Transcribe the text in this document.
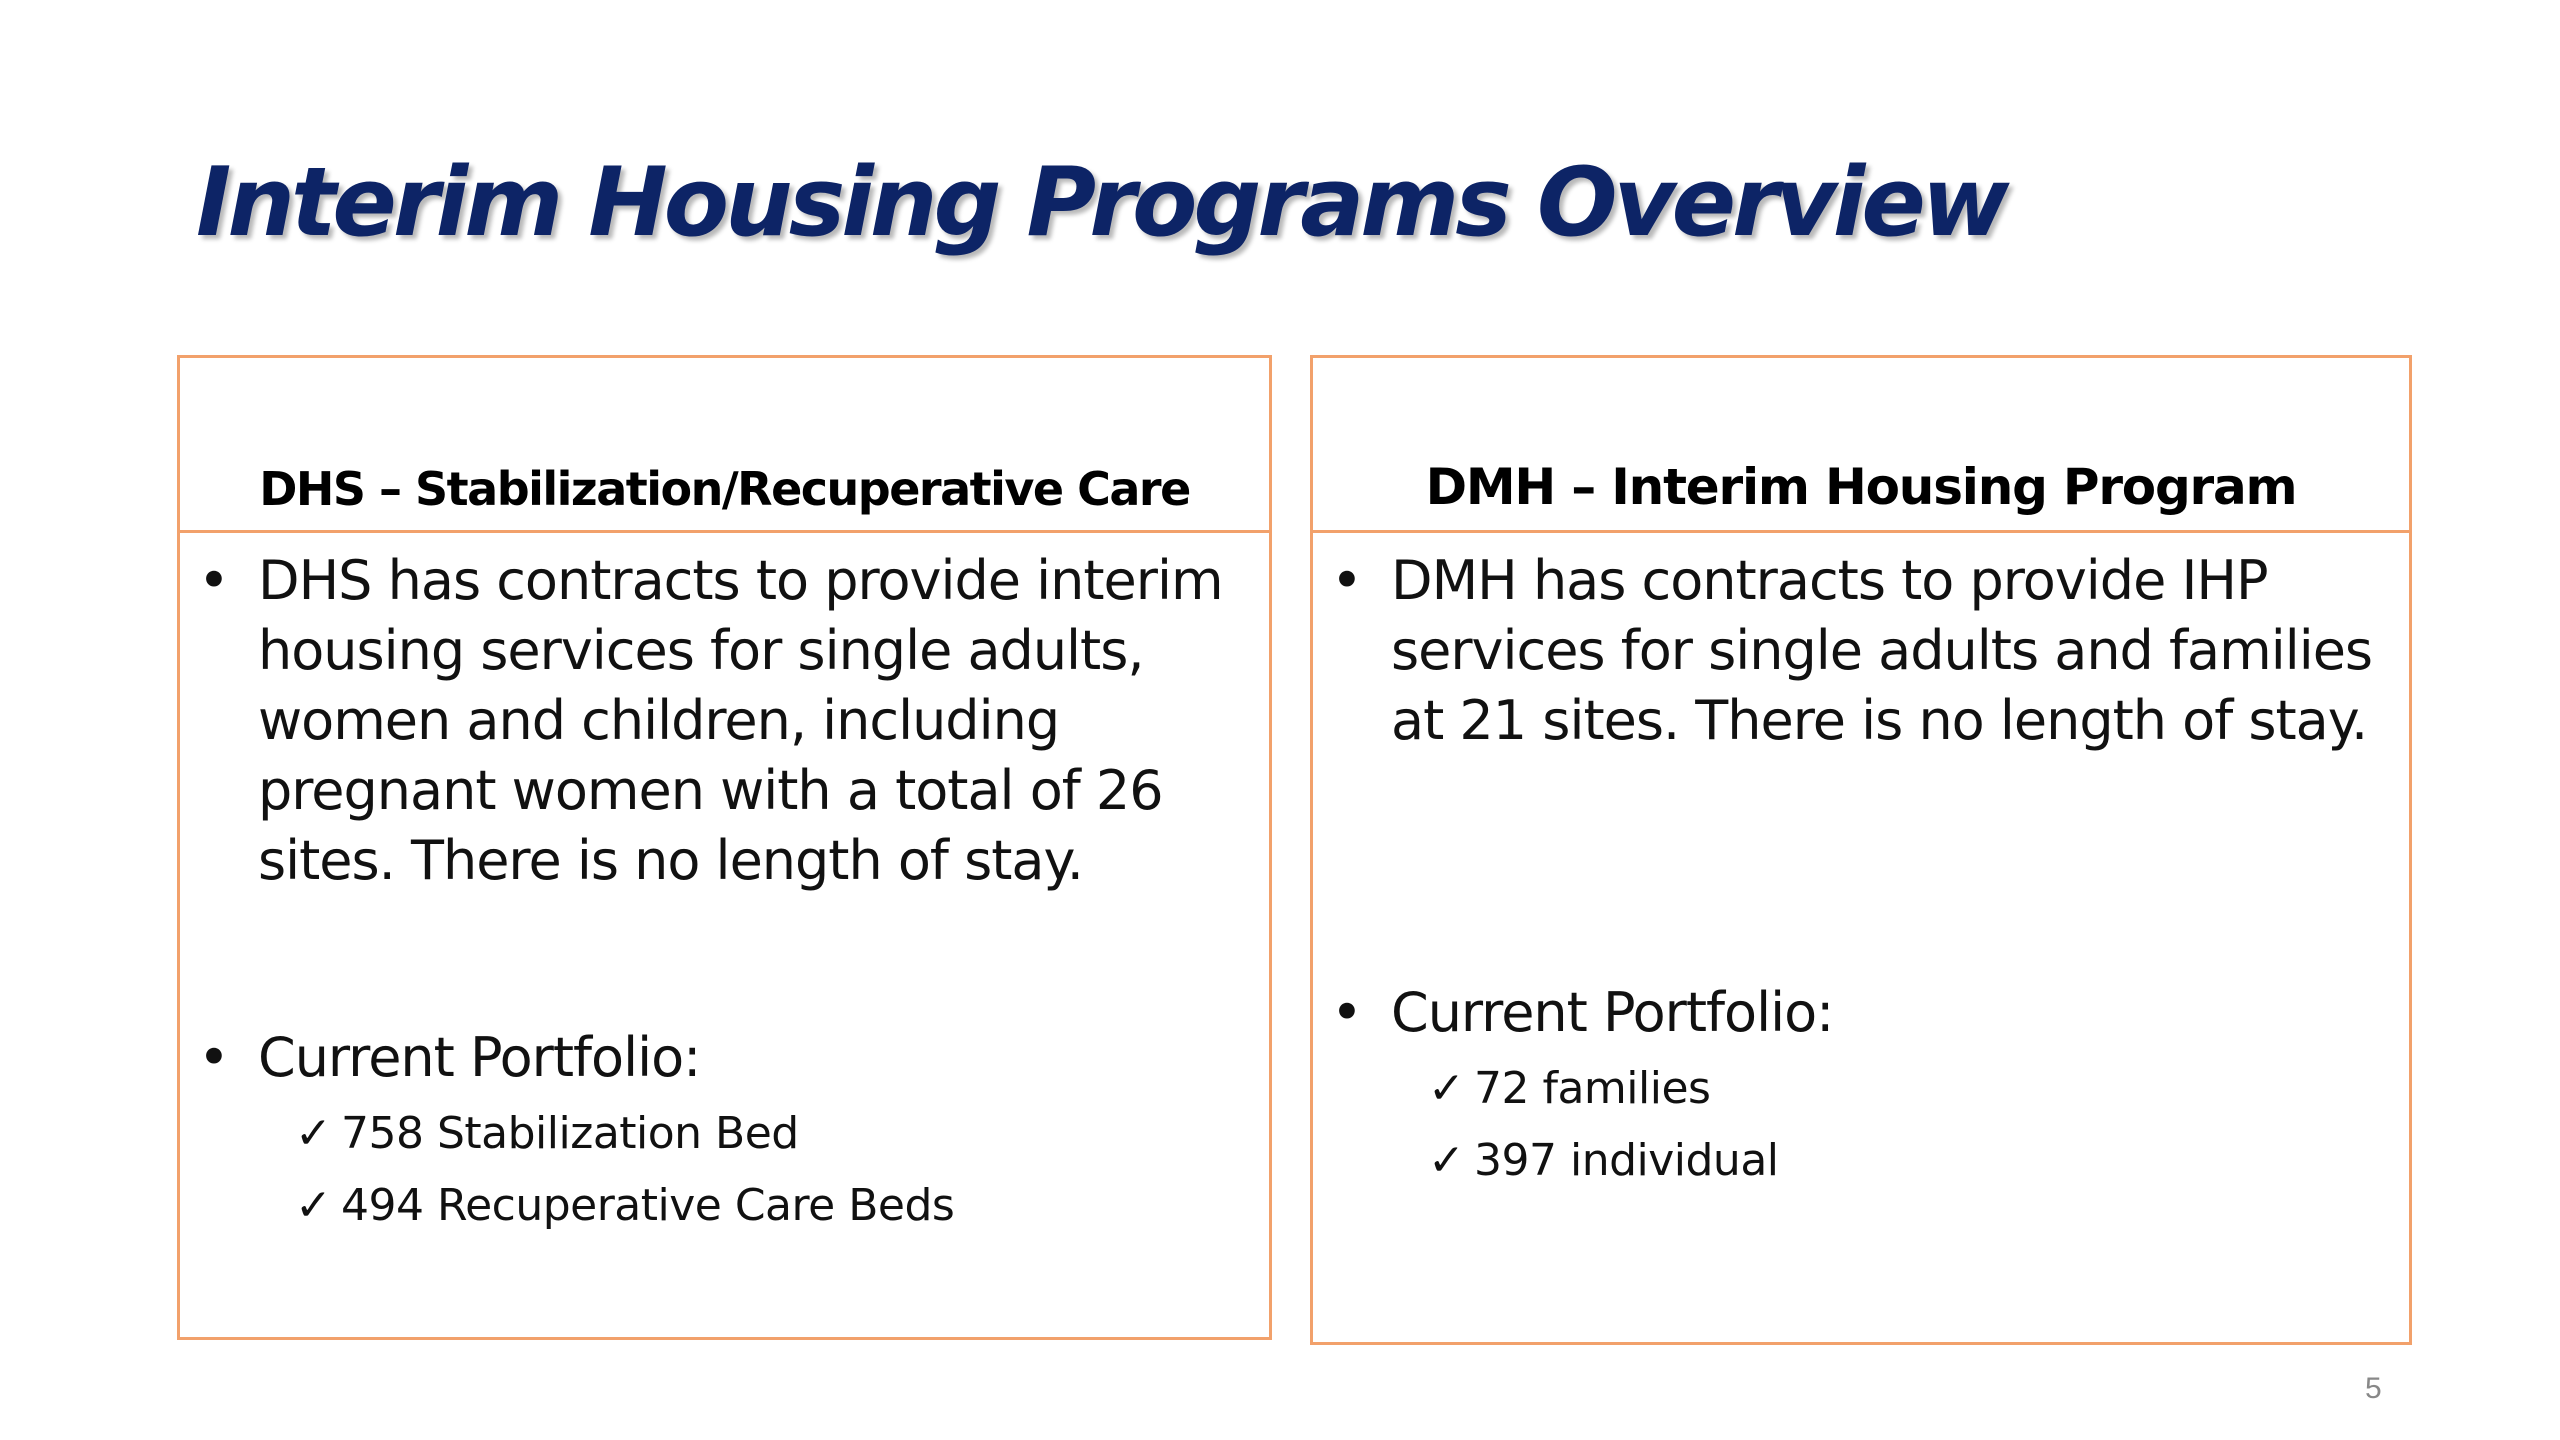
Interim Housing Programs Overview
DHS – Stabilization/Recuperative Care
• DHS has contracts to provide interim housing services for single adults, women and children, including pregnant women with a total of 26 sites. There is no length of stay.
• Current Portfolio:
✓ 758 Stabilization Bed
✓ 494 Recuperative Care Beds
DMH – Interim Housing Program
• DMH has contracts to provide IHP services for single adults and families at 21 sites. There is no length of stay.
• Current Portfolio:
✓ 72 families
✓ 397 individual
5
